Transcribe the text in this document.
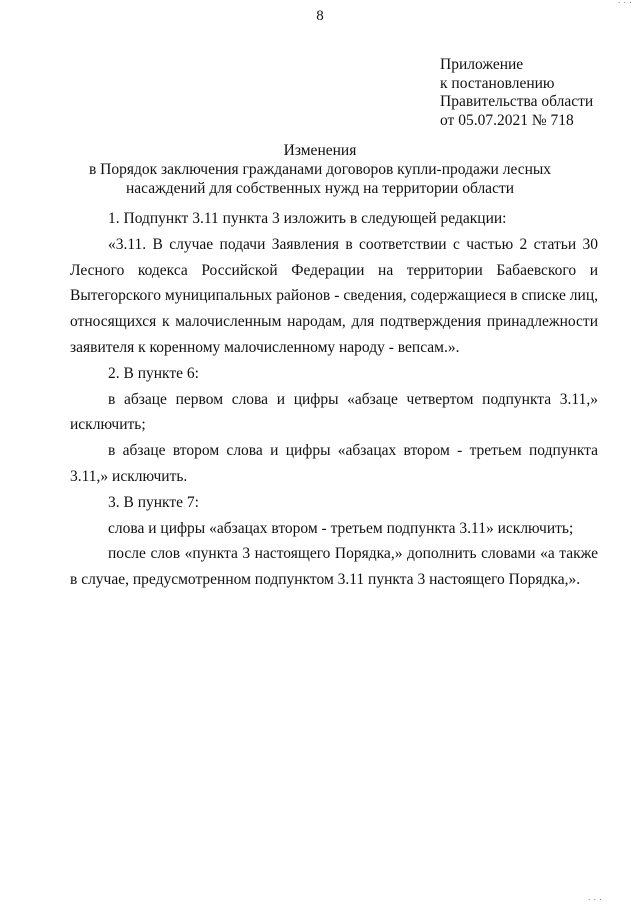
. . .
8
Приложение
к постановлению
Правительства области
от 05.07.2021 № 718
Изменения
в Порядок заключения гражданами договоров купли-продажи лесных
насаждений для собственных нужд на территории области

1. Подпункт 3.11 пункта 3 изложить в следующей редакции:

«3.11. В случае подачи Заявления в соответствии с частью 2 статьи 30 Лесного кодекса Российской Федерации на территории Бабаевского и Вытегорского муниципальных районов - сведения, содержащиеся в списке лиц, относящихся к малочисленным народам, для подтверждения принадлежности заявителя к коренному малочисленному народу - вепсам.».

2. В пункте 6:

в абзаце первом слова и цифры «абзаце четвертом подпункта 3.11,» исключить;

в абзаце втором слова и цифры «абзацах втором - третьем подпункта 3.11,» исключить.

3. В пункте 7:

слова и цифры «абзацах втором - третьем подпункта 3.11» исключить;

после слов «пункта 3 настоящего Порядка,» дополнить словами «а также в случае, предусмотренном подпунктом 3.11 пункта 3 настоящего Порядка,».

. . .
